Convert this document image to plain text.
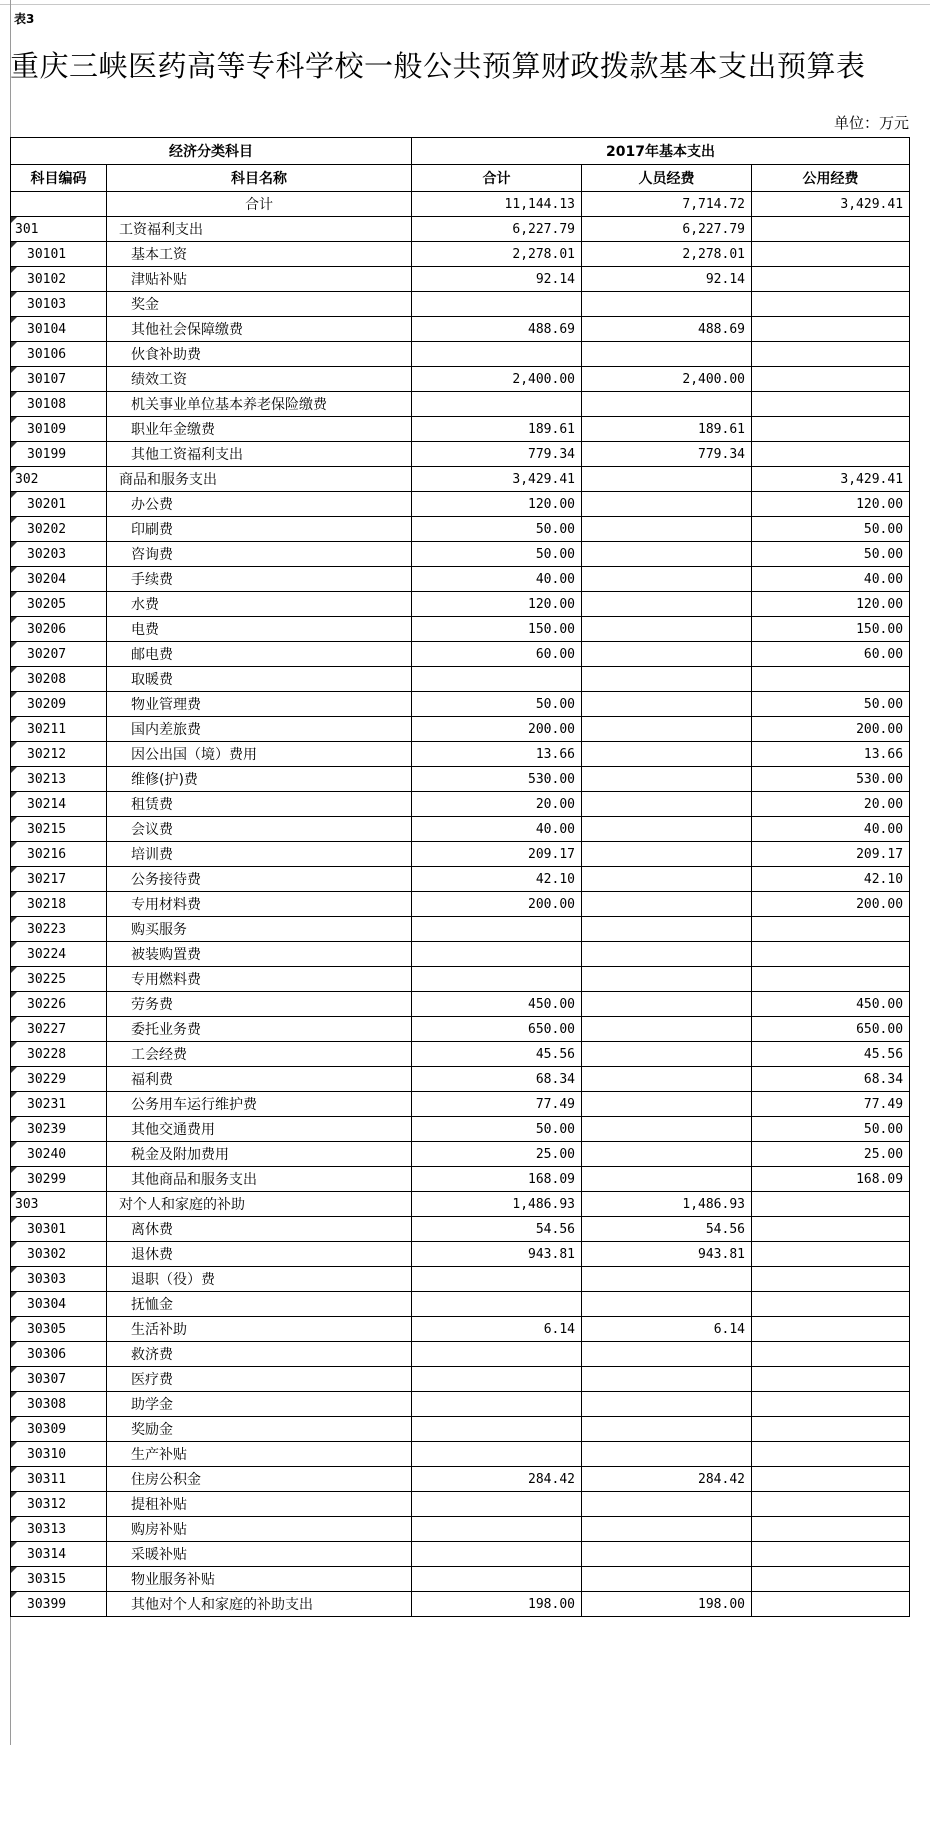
表3
重庆三峡医药高等专科学校一般公共预算财政拨款基本支出预算表
单位：万元
经济分类科目		2017年基本支出		
科目编码	科目名称	合计	人员经费	公用经费
	合计	11,144.13	7,714.72	3,429.41
301	工资福利支出	6,227.79	6,227.79	
30101	基本工资	2,278.01	2,278.01	
30102	津贴补贴	92.14	92.14	
30103	奖金			
30104	其他社会保障缴费	488.69	488.69	
30106	伙食补助费			
30107	绩效工资	2,400.00	2,400.00	
30108	机关事业单位基本养老保险缴费			
30109	职业年金缴费	189.61	189.61	
30199	其他工资福利支出	779.34	779.34	
302	商品和服务支出	3,429.41		3,429.41
30201	办公费	120.00		120.00
30202	印刷费	50.00		50.00
30203	咨询费	50.00		50.00
30204	手续费	40.00		40.00
30205	水费	120.00		120.00
30206	电费	150.00		150.00
30207	邮电费	60.00		60.00
30208	取暖费			
30209	物业管理费	50.00		50.00
30211	国内差旅费	200.00		200.00
30212	因公出国（境）费用	13.66		13.66
30213	维修(护)费	530.00		530.00
30214	租赁费	20.00		20.00
30215	会议费	40.00		40.00
30216	培训费	209.17		209.17
30217	公务接待费	42.10		42.10
30218	专用材料费	200.00		200.00
30223	购买服务			
30224	被装购置费			
30225	专用燃料费			
30226	劳务费	450.00		450.00
30227	委托业务费	650.00		650.00
30228	工会经费	45.56		45.56
30229	福利费	68.34		68.34
30231	公务用车运行维护费	77.49		77.49
30239	其他交通费用	50.00		50.00
30240	税金及附加费用	25.00		25.00
30299	其他商品和服务支出	168.09		168.09
303	对个人和家庭的补助	1,486.93	1,486.93	
30301	离休费	54.56	54.56	
30302	退休费	943.81	943.81	
30303	退职（役）费			
30304	抚恤金			
30305	生活补助	6.14	6.14	
30306	救济费			
30307	医疗费			
30308	助学金			
30309	奖励金			
30310	生产补贴			
30311	住房公积金	284.42	284.42	
30312	提租补贴			
30313	购房补贴			
30314	采暖补贴			
30315	物业服务补贴			
30399	其他对个人和家庭的补助支出	198.00	198.00	
